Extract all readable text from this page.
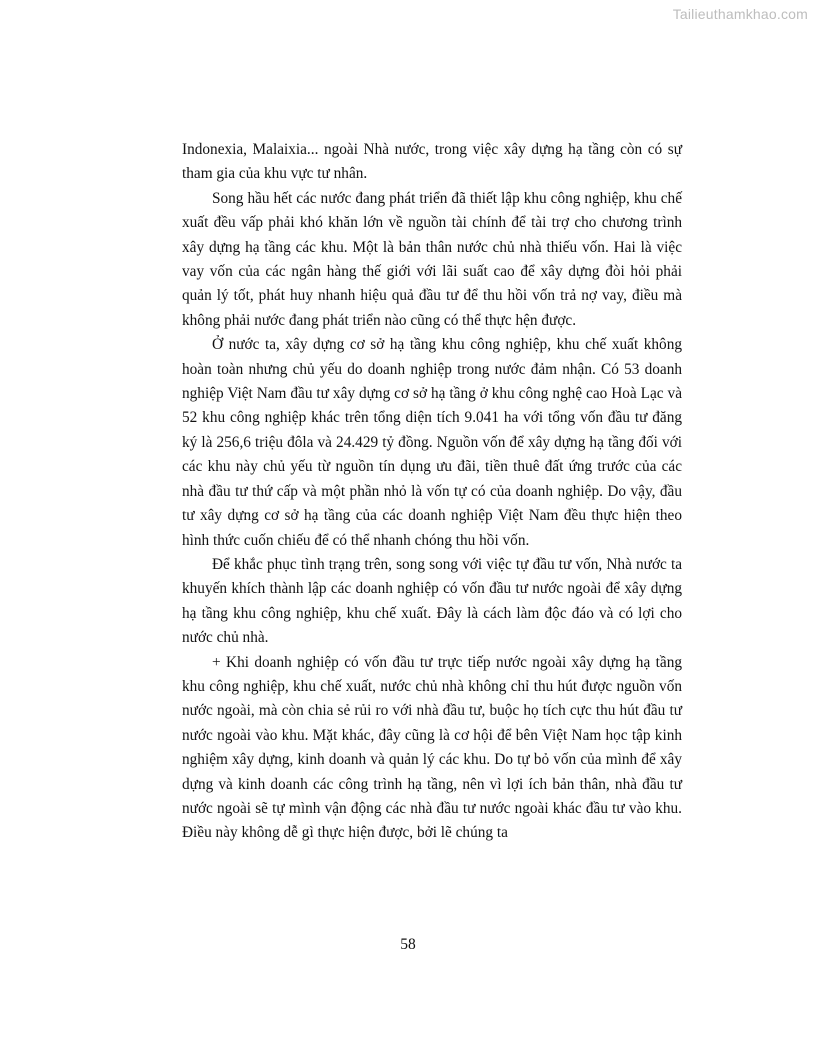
Tailieuthamkhao.com

Indonexia, Malaixia... ngoài Nhà nước, trong việc xây dựng hạ tầng còn có sự tham gia của khu vực tư nhân.

Song hầu hết các nước đang phát triển đã thiết lập khu công nghiệp, khu chế xuất đều vấp phải khó khăn lớn về nguồn tài chính để tài trợ cho chương trình xây dựng hạ tầng các khu. Một là bản thân nước chủ nhà thiếu vốn. Hai là việc vay vốn của các ngân hàng thế giới với lãi suất cao để xây dựng đòi hỏi phải quản lý tốt, phát huy nhanh hiệu quả đầu tư để thu hồi vốn trả nợ vay, điều mà không phải nước đang phát triển nào cũng có thể thực hện được.

Ở nước ta, xây dựng cơ sở hạ tầng khu công nghiệp, khu chế xuất không hoàn toàn nhưng chủ yếu do doanh nghiệp trong nước đảm nhận. Có 53 doanh nghiệp Việt Nam đầu tư xây dựng cơ sở hạ tầng ở khu công nghệ cao Hoà Lạc và 52 khu công nghiệp khác trên tổng diện tích 9.041 ha với tổng vốn đầu tư đăng ký là 256,6 triệu đôla và 24.429 tỷ đồng. Nguồn vốn để xây dựng hạ tầng đối với các khu này chủ yếu từ nguồn tín dụng ưu đãi, tiền thuê đất ứng trước của các nhà đầu tư thứ cấp và một phần nhỏ là vốn tự có của doanh nghiệp. Do vậy, đầu tư xây dựng cơ sở hạ tầng của các doanh nghiệp Việt Nam đều thực hiện theo hình thức cuốn chiếu để có thể nhanh chóng thu hồi vốn.

Để khắc phục tình trạng trên, song song với việc tự đầu tư vốn, Nhà nước ta khuyến khích thành lập các doanh nghiệp có vốn đầu tư nước ngoài để xây dựng hạ tầng khu công nghiệp, khu chế xuất. Đây là cách làm độc đáo và có lợi cho nước chủ nhà.

+ Khi doanh nghiệp có vốn đầu tư trực tiếp nước ngoài xây dựng hạ tầng khu công nghiệp, khu chế xuất, nước chủ nhà không chỉ thu hút được nguồn vốn nước ngoài, mà còn chia sẻ rủi ro với nhà đầu tư, buộc họ tích cực thu hút đầu tư nước ngoài vào khu. Mặt khác, đây cũng là cơ hội để bên Việt Nam học tập kinh nghiệm xây dựng, kinh doanh và quản lý các khu. Do tự bỏ vốn của mình để xây dựng và kinh doanh các công trình hạ tầng, nên vì lợi ích bản thân, nhà đầu tư nước ngoài sẽ tự mình vận động các nhà đầu tư nước ngoài khác đầu tư vào khu. Điều này không dễ gì thực hiện được, bởi lẽ chúng ta

58
